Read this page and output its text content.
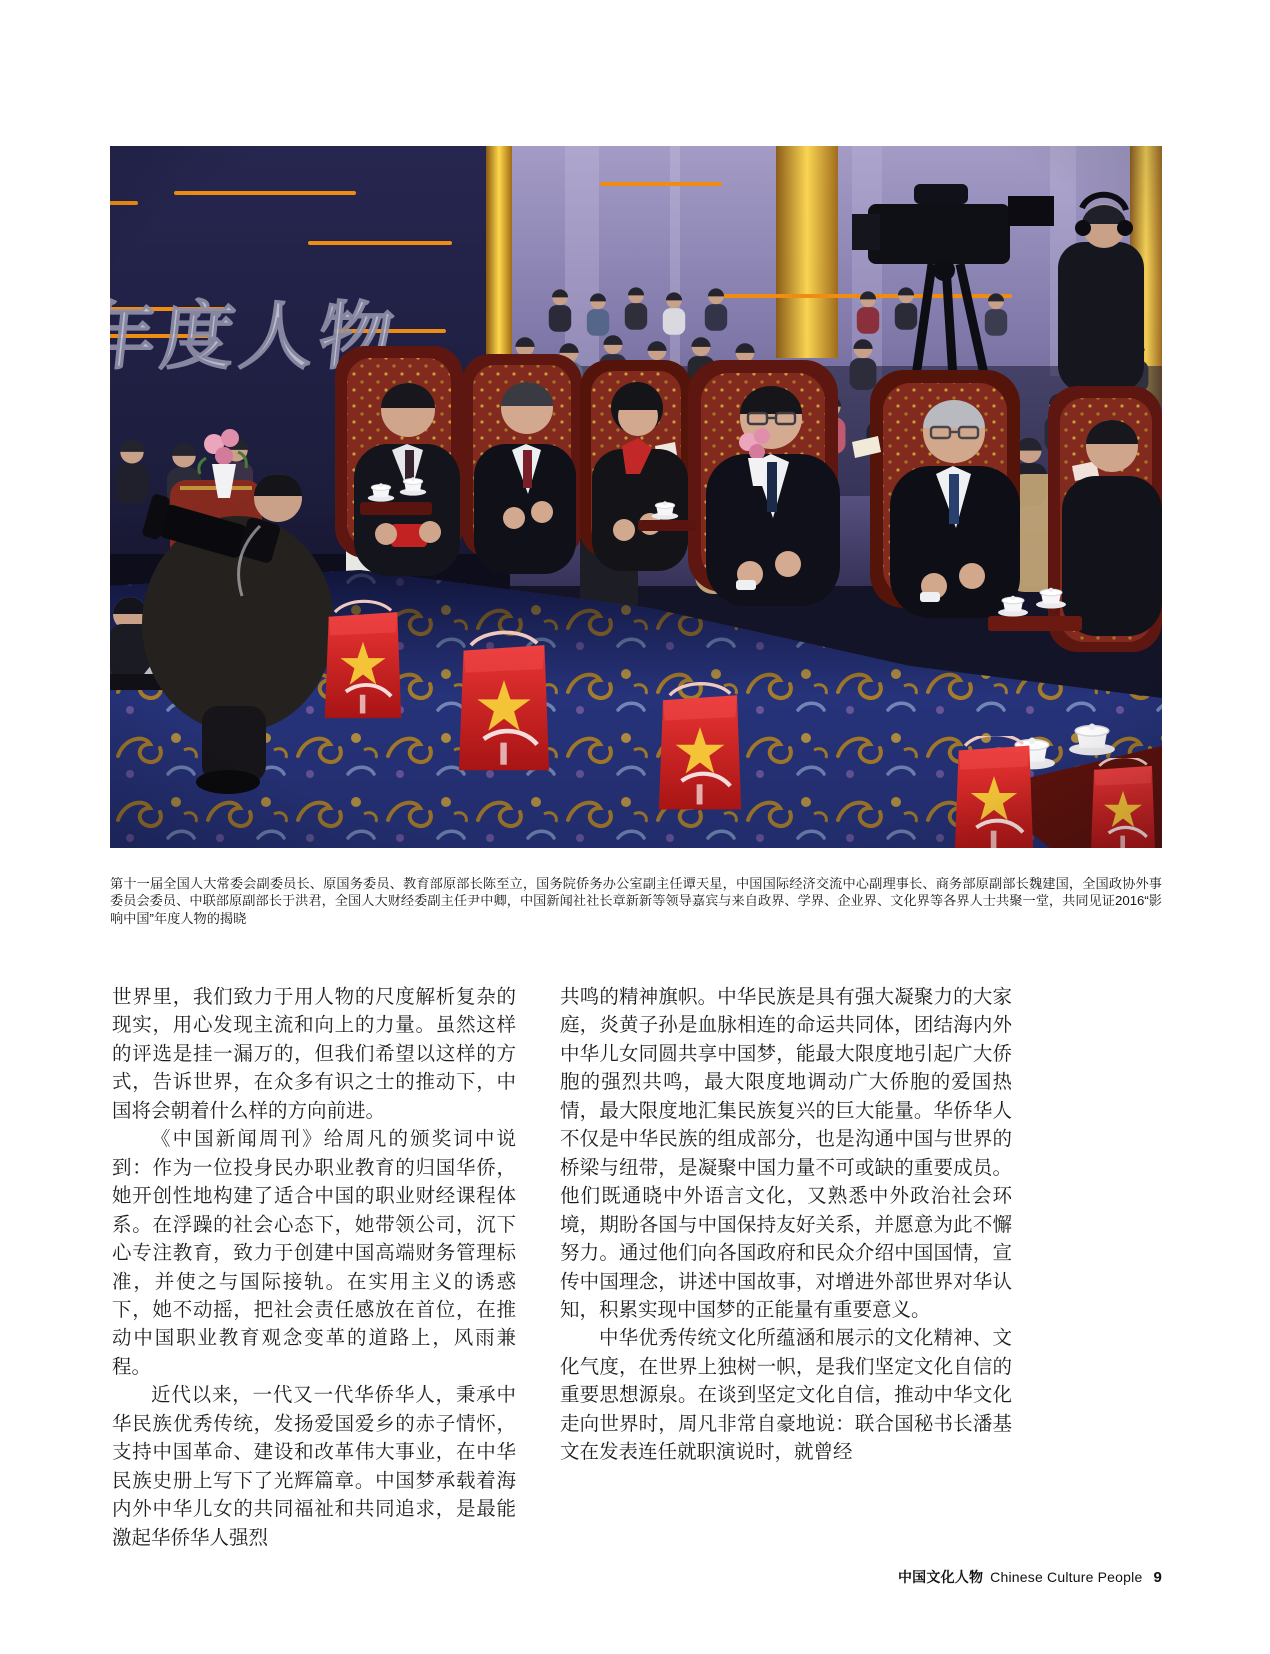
第十一届全国人大常委会副委员长、原国务委员、教育部原部长陈至立，国务院侨务办公室副主任谭天星，中国国际经济交流中心副理事长、商务部原副部长魏建国，全国政协外事委员会委员、中联部原副部长于洪君，全国人大财经委副主任尹中卿，中国新闻社社长章新新等领导嘉宾与来自政界、学界、企业界、文化界等各界人士共聚一堂，共同见证2016“影响中国”年度人物的揭晓

世界里，我们致力于用人物的尺度解析复杂的现实，用心发现主流和向上的力量。虽然这样的评选是挂一漏万的，但我们希望以这样的方式，告诉世界，在众多有识之士的推动下，中国将会朝着什么样的方向前进。

《中国新闻周刊》给周凡的颁奖词中说到：作为一位投身民办职业教育的归国华侨，她开创性地构建了适合中国的职业财经课程体系。在浮躁的社会心态下，她带领公司，沉下心专注教育，致力于创建中国高端财务管理标准，并使之与国际接轨。在实用主义的诱惑下，她不动摇，把社会责任感放在首位，在推动中国职业教育观念变革的道路上，风雨兼程。

近代以来，一代又一代华侨华人，秉承中华民族优秀传统，发扬爱国爱乡的赤子情怀，支持中国革命、建设和改革伟大事业，在中华民族史册上写下了光辉篇章。中国梦承载着海内外中华儿女的共同福祉和共同追求，是最能激起华侨华人强烈

共鸣的精神旗帜。中华民族是具有强大凝聚力的大家庭，炎黄子孙是血脉相连的命运共同体，团结海内外中华儿女同圆共享中国梦，能最大限度地引起广大侨胞的强烈共鸣，最大限度地调动广大侨胞的爱国热情，最大限度地汇集民族复兴的巨大能量。华侨华人不仅是中华民族的组成部分，也是沟通中国与世界的桥梁与纽带，是凝聚中国力量不可或缺的重要成员。他们既通晓中外语言文化，又熟悉中外政治社会环境，期盼各国与中国保持友好关系，并愿意为此不懈努力。通过他们向各国政府和民众介绍中国国情，宣传中国理念，讲述中国故事，对增进外部世界对华认知，积累实现中国梦的正能量有重要意义。

中华优秀传统文化所蕴涵和展示的文化精神、文化气度，在世界上独树一帜，是我们坚定文化自信的重要思想源泉。在谈到坚定文化自信，推动中华文化走向世界时，周凡非常自豪地说：联合国秘书长潘基文在发表连任就职演说时，就曾经

中国文化人物 Chinese Culture People 9
